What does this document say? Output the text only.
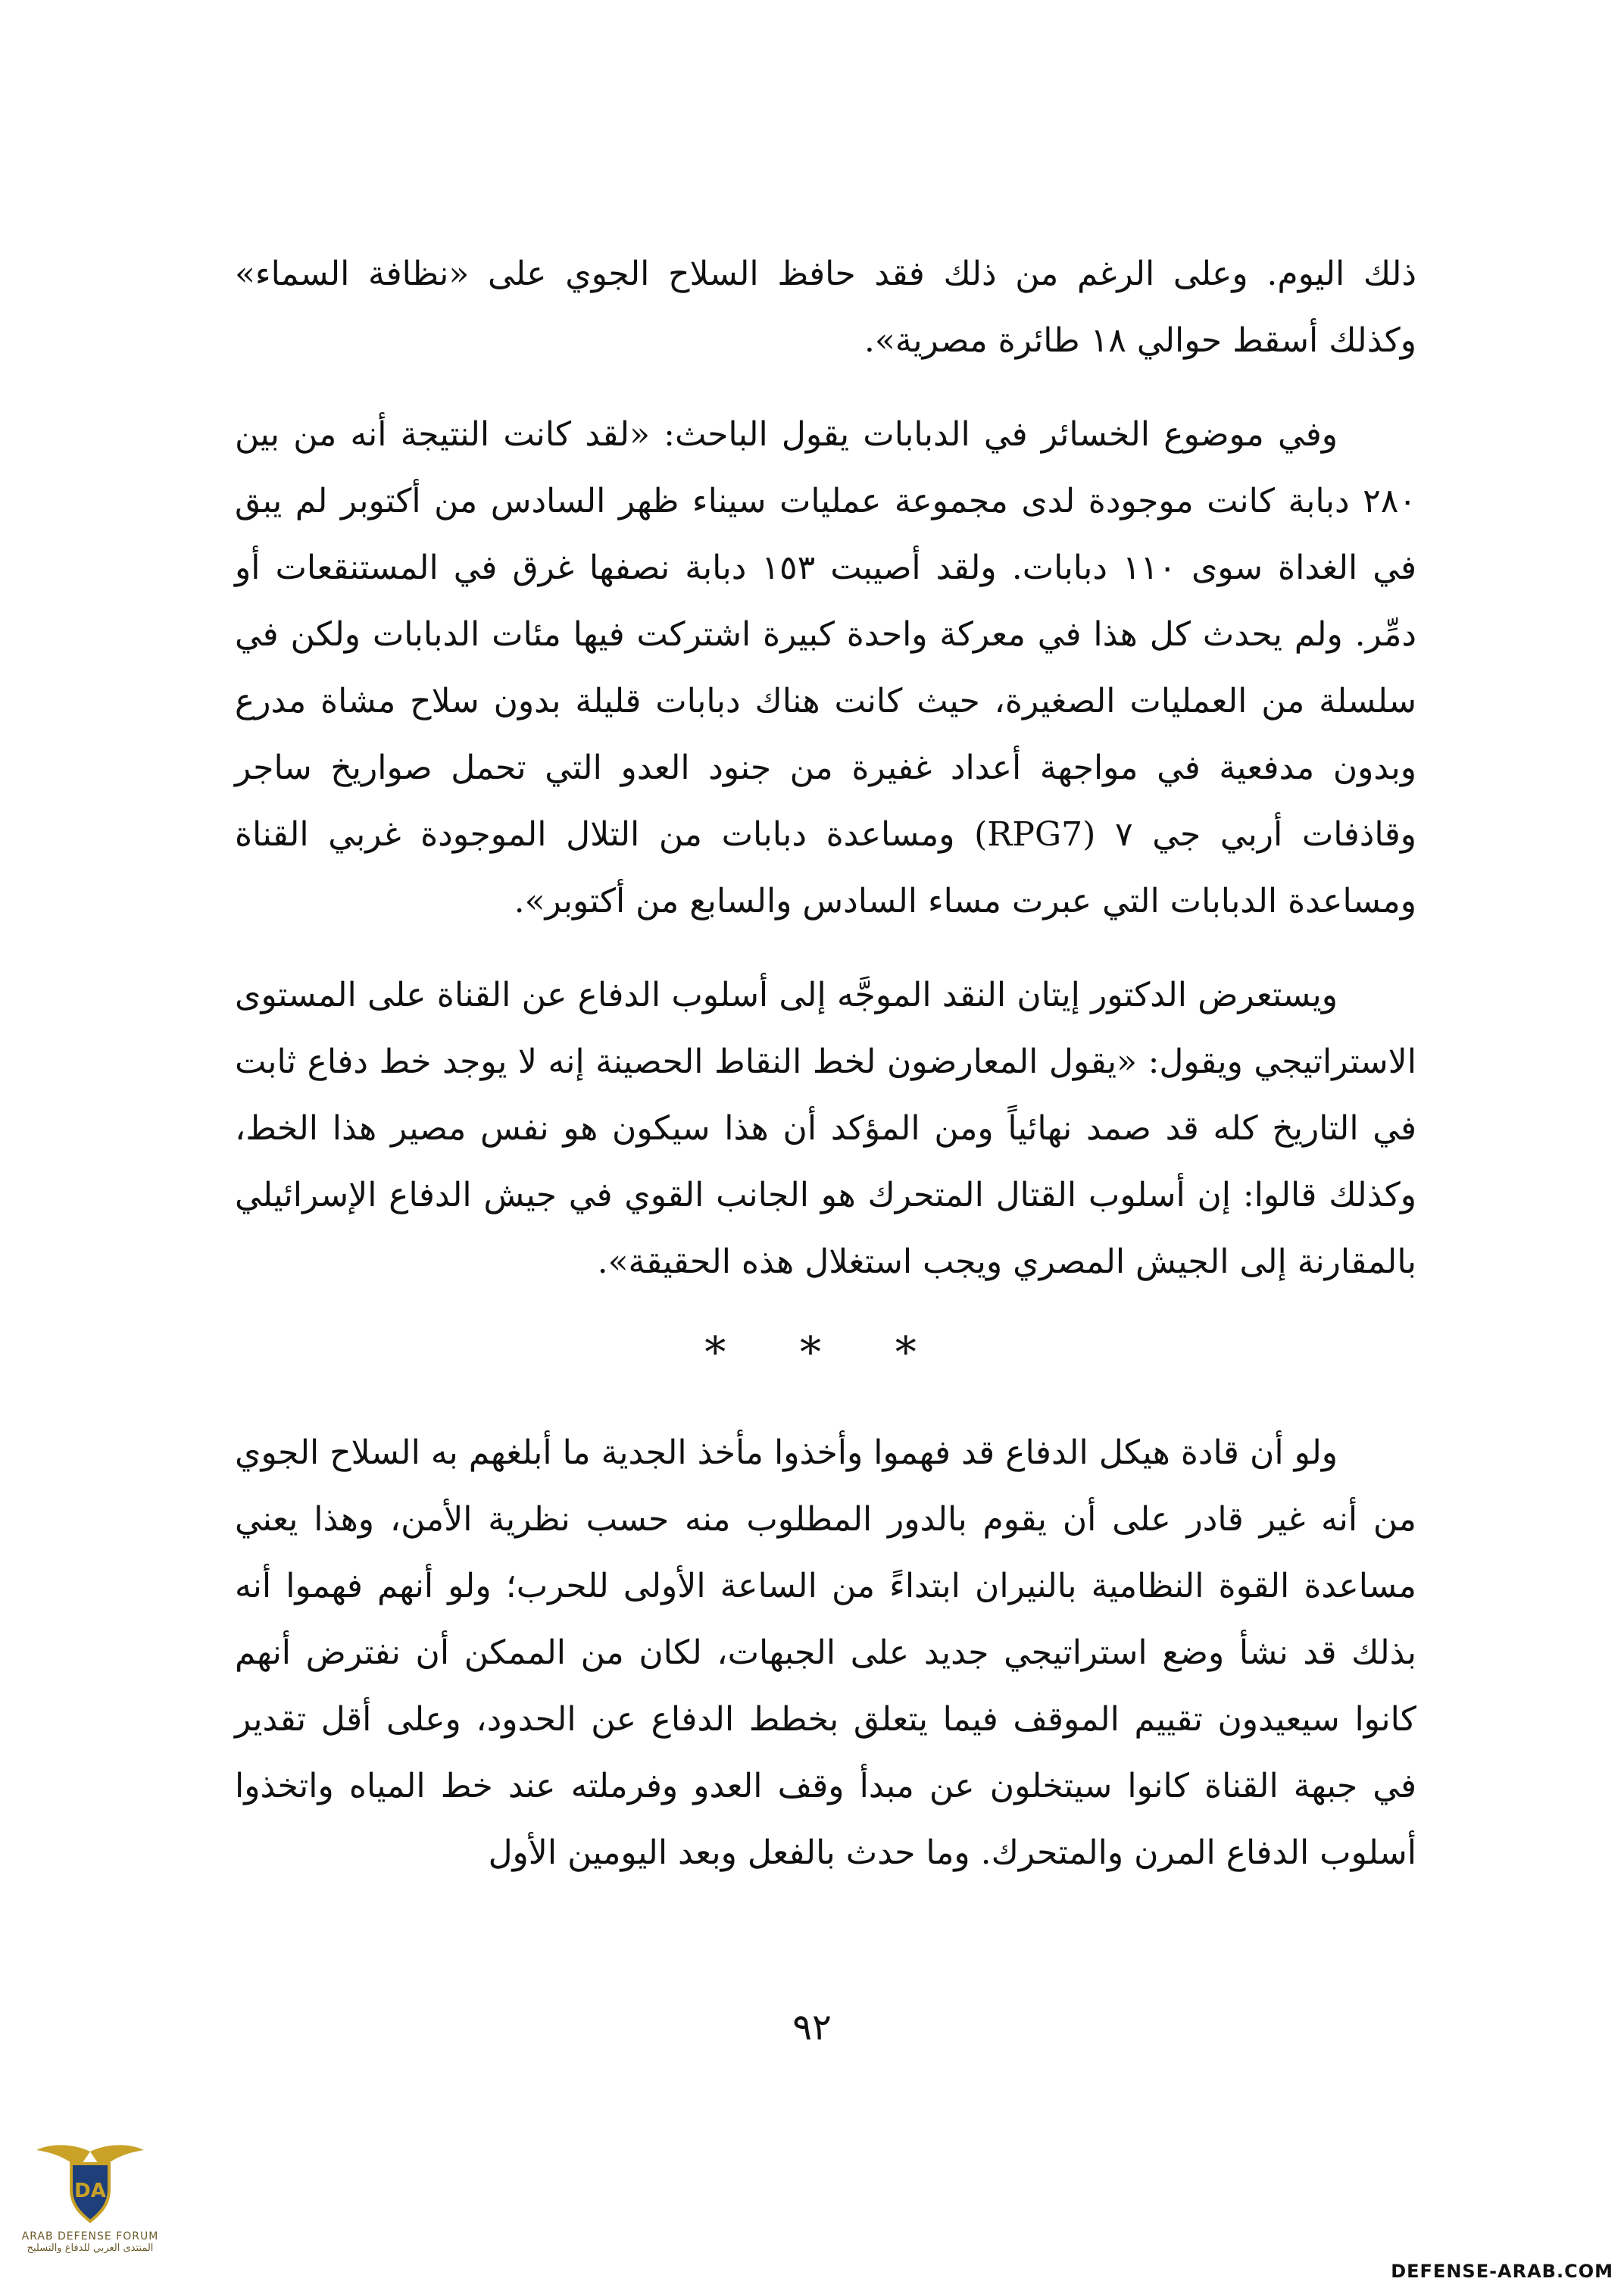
ذلك اليوم. وعلى الرغم من ذلك فقد حافظ السلاح الجوي على «نظافة السماء» وكذلك أسقط حوالي ١٨ طائرة مصرية».

وفي موضوع الخسائر في الدبابات يقول الباحث: «لقد كانت النتيجة أنه من بين ٢٨٠ دبابة كانت موجودة لدى مجموعة عمليات سيناء ظهر السادس من أكتوبر لم يبق في الغداة سوى ١١٠ دبابات. ولقد أصيبت ١٥٣ دبابة نصفها غرق في المستنقعات أو دمِّر. ولم يحدث كل هذا في معركة واحدة كبيرة اشتركت فيها مئات الدبابات ولكن في سلسلة من العمليات الصغيرة، حيث كانت هناك دبابات قليلة بدون سلاح مشاة مدرع وبدون مدفعية في مواجهة أعداد غفيرة من جنود العدو التي تحمل صواريخ ساجر وقاذفات أربي جي ٧ (RPG7) ومساعدة دبابات من التلال الموجودة غربي القناة ومساعدة الدبابات التي عبرت مساء السادس والسابع من أكتوبر».

ويستعرض الدكتور إيتان النقد الموجَّه إلى أسلوب الدفاع عن القناة على المستوى الاستراتيجي ويقول: «يقول المعارضون لخط النقاط الحصينة إنه لا يوجد خط دفاع ثابت في التاريخ كله قد صمد نهائياً ومن المؤكد أن هذا سيكون هو نفس مصير هذا الخط، وكذلك قالوا: إن أسلوب القتال المتحرك هو الجانب القوي في جيش الدفاع الإسرائيلي بالمقارنة إلى الجيش المصري ويجب استغلال هذه الحقيقة».

* * *

ولو أن قادة هيكل الدفاع قد فهموا وأخذوا مأخذ الجدية ما أبلغهم به السلاح الجوي من أنه غير قادر على أن يقوم بالدور المطلوب منه حسب نظرية الأمن، وهذا يعني مساعدة القوة النظامية بالنيران ابتداءً من الساعة الأولى للحرب؛ ولو أنهم فهموا أنه بذلك قد نشأ وضع استراتيجي جديد على الجبهات، لكان من الممكن أن نفترض أنهم كانوا سيعيدون تقييم الموقف فيما يتعلق بخطط الدفاع عن الحدود، وعلى أقل تقدير في جبهة القناة كانوا سيتخلون عن مبدأ وقف العدو وفرملته عند خط المياه واتخذوا أسلوب الدفاع المرن والمتحرك. وما حدث بالفعل وبعد اليومين الأول

٩٢
DA
ARAB DEFENSE FORUM
المنتدى العربي للدفاع والتسليح
DEFENSE-ARAB.COM
